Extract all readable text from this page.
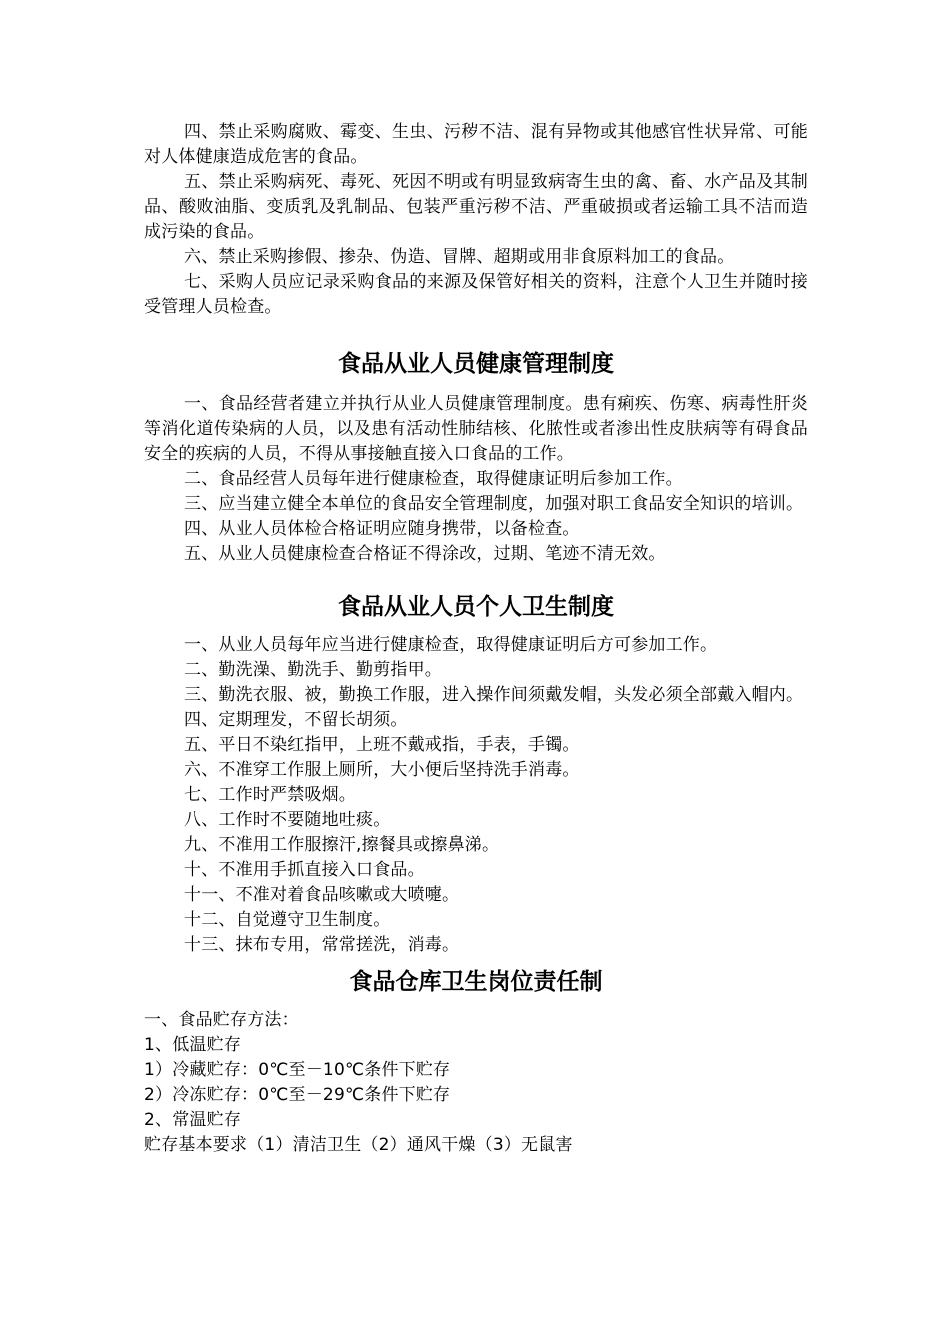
四、禁止采购腐败、霉变、生虫、污秽不洁、混有异物或其他感官性状异常、可能对人体健康造成危害的食品。

五、禁止采购病死、毒死、死因不明或有明显致病寄生虫的禽、畜、水产品及其制品、酸败油脂、变质乳及乳制品、包装严重污秽不洁、严重破损或者运输工具不洁而造成污染的食品。

六、禁止采购掺假、掺杂、伪造、冒牌、超期或用非食原料加工的食品。

七、采购人员应记录采购食品的来源及保管好相关的资料，注意个人卫生并随时接受管理人员检查。

食品从业人员健康管理制度

一、食品经营者建立并执行从业人员健康管理制度。患有痢疾、伤寒、病毒性肝炎等消化道传染病的人员，以及患有活动性肺结核、化脓性或者渗出性皮肤病等有碍食品安全的疾病的人员，不得从事接触直接入口食品的工作。

二、食品经营人员每年进行健康检查，取得健康证明后参加工作。

三、应当建立健全本单位的食品安全管理制度，加强对职工食品安全知识的培训。

四、从业人员体检合格证明应随身携带，以备检查。

五、从业人员健康检查合格证不得涂改，过期、笔迹不清无效。

食品从业人员个人卫生制度

一、从业人员每年应当进行健康检查，取得健康证明后方可参加工作。

二、勤洗澡、勤洗手、勤剪指甲。

三、勤洗衣服、被，勤换工作服，进入操作间须戴发帽，头发必须全部戴入帽内。

四、定期理发，不留长胡须。

五、平日不染红指甲，上班不戴戒指，手表，手镯。

六、不准穿工作服上厕所，大小便后坚持洗手消毒。

七、工作时严禁吸烟。

八、工作时不要随地吐痰。

九、不准用工作服擦汗,擦餐具或擦鼻涕。

十、不准用手抓直接入口食品。

十一、不准对着食品咳嗽或大喷嚏。

十二、自觉遵守卫生制度。

十三、抹布专用，常常搓洗，消毒。

食品仓库卫生岗位责任制

一、食品贮存方法：

1、低温贮存

1）冷藏贮存：0℃至－10℃条件下贮存

2）冷冻贮存：0℃至－29℃条件下贮存

2、常温贮存

贮存基本要求（1）清洁卫生（2）通风干燥（3）无鼠害
